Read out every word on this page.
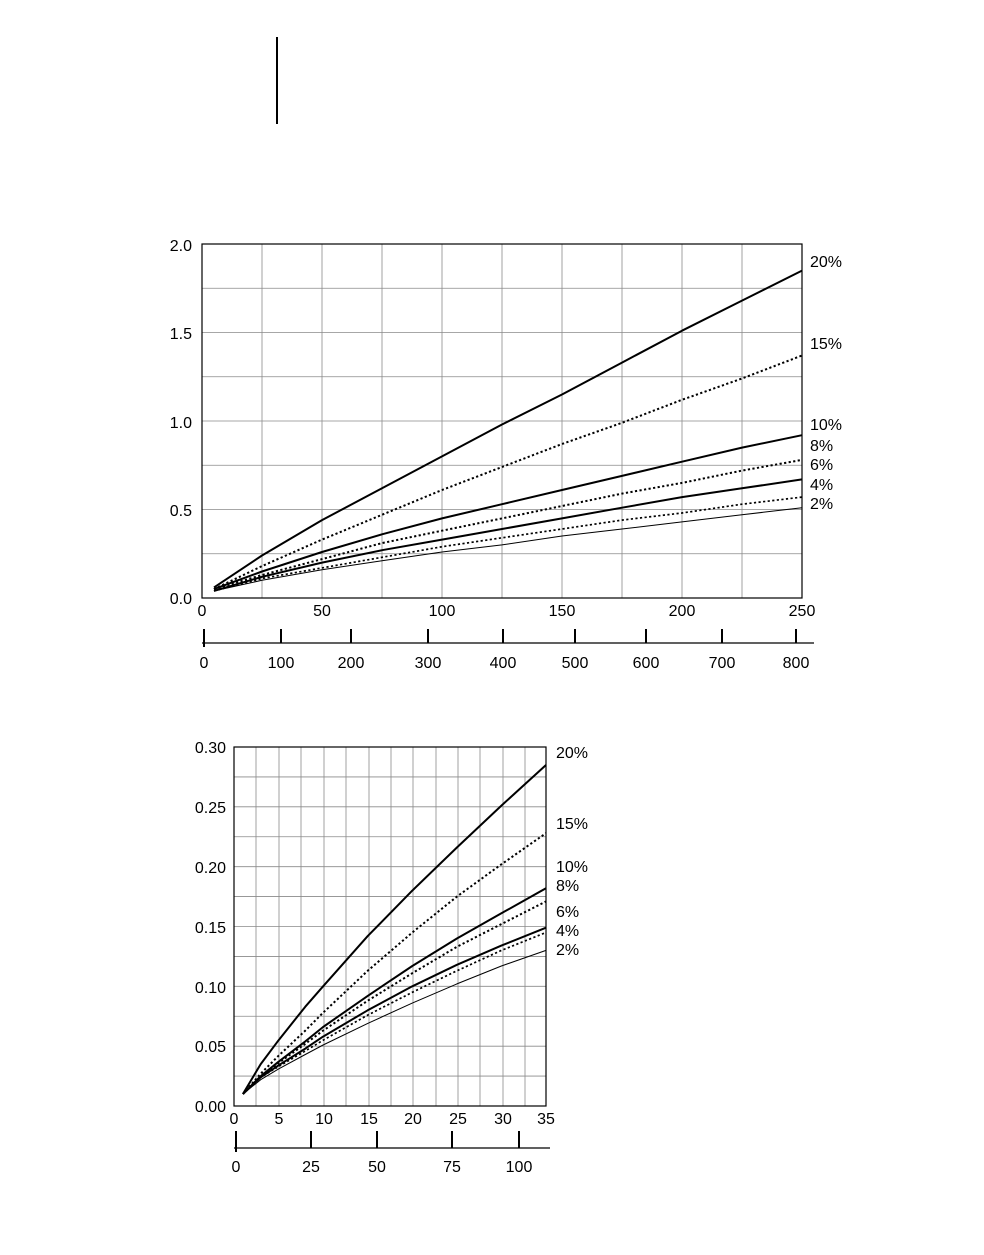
0.0
0.5
1.0
1.5
2.0
0	50	100	150	200	250
0	100	200	300	400	500	600	700	800
20%
15%
10%
8%
6%
4%
2%
0.00
0.05
0.10
0.15
0.20
0.25
0.30
0 5 10 15 20 25 30 35
0	25	50	75	100
20%
15%
10%
8%
6%
4%
2%
